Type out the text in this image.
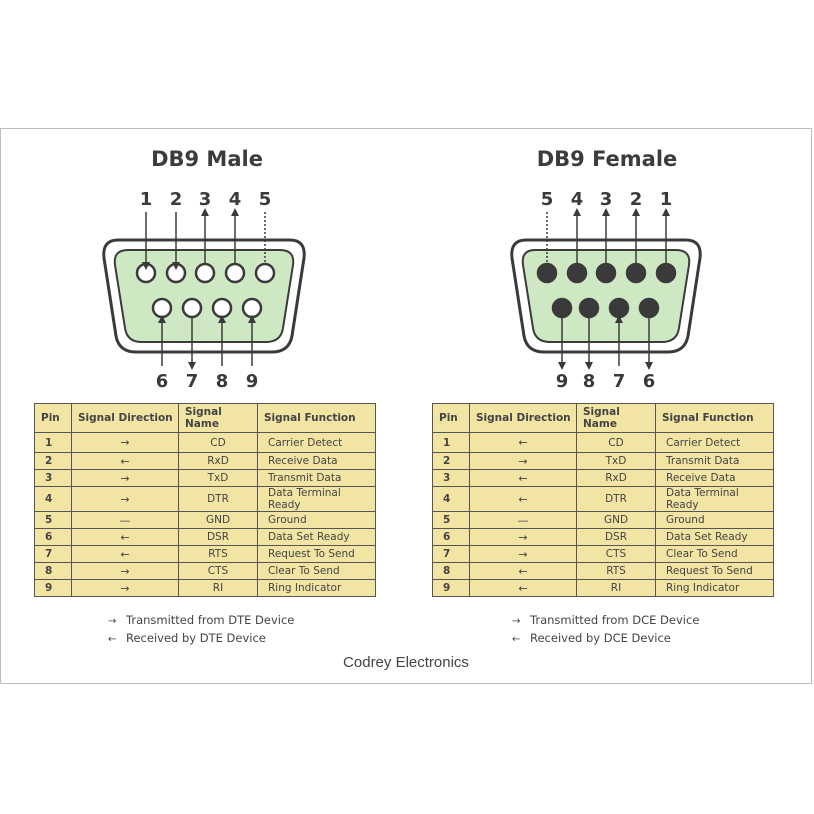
DB9 Male	DB9 Female
1 2 3 4 5
6 7 8 9
5 4 3 2 1
9 8 7 6
Pin	Signal Direction	Signal Name	Signal Function
1	→	CD	Carrier Detect
2	←	RxD	Receive Data
3	→	TxD	Transmit Data
4	→	DTR	Data Terminal Ready
5	—	GND	Ground
6	←	DSR	Data Set Ready
7	←	RTS	Request To Send
8	→	CTS	Clear To Send
9	→	RI	Ring Indicator
Pin	Signal Direction	Signal Name	Signal Function
1	←	CD	Carrier Detect
2	→	TxD	Transmit Data
3	←	RxD	Receive Data
4	←	DTR	Data Terminal Ready
5	—	GND	Ground
6	→	DSR	Data Set Ready
7	→	CTS	Clear To Send
8	←	RTS	Request To Send
9	←	RI	Ring Indicator
→ Transmitted from DTE Device
← Received by DTE Device
→ Transmitted from DCE Device
← Received by DCE Device
Codrey Electronics
